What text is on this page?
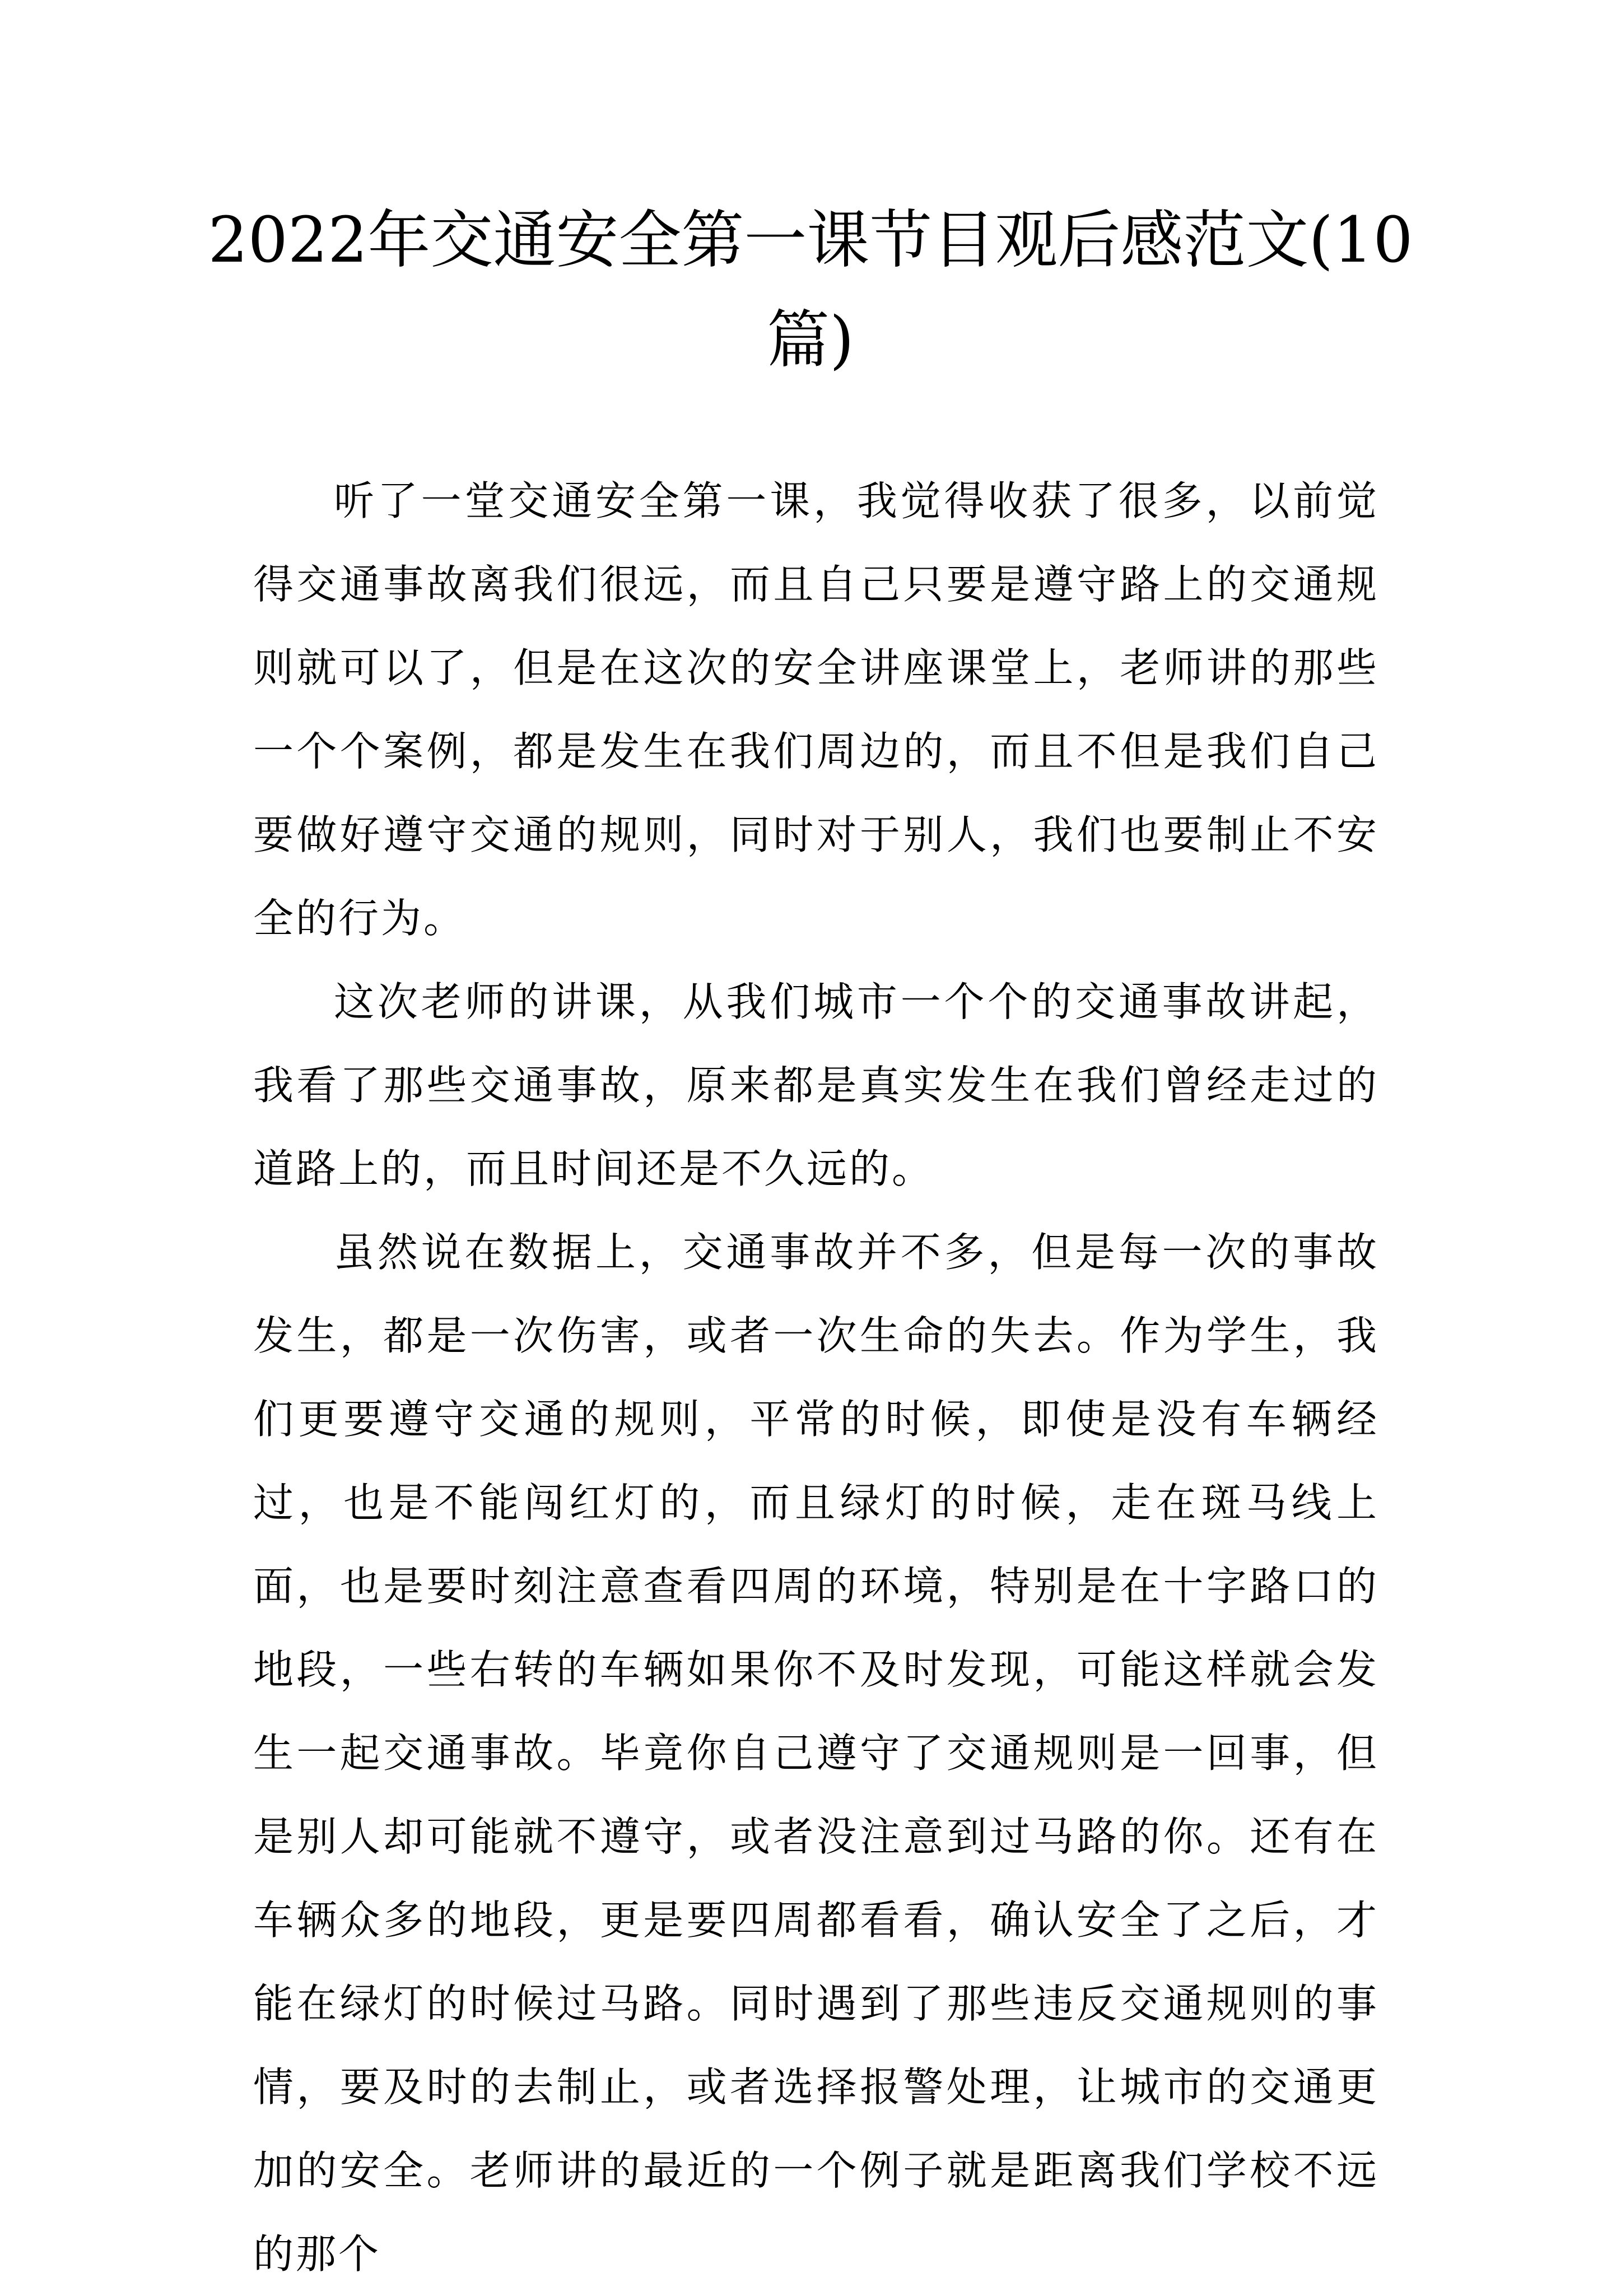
2022年交通安全第一课节目观后感范文(10篇)

听了一堂交通安全第一课，我觉得收获了很多，以前觉得交通事故离我们很远，而且自己只要是遵守路上的交通规则就可以了，但是在这次的安全讲座课堂上，老师讲的那些一个个案例，都是发生在我们周边的，而且不但是我们自己要做好遵守交通的规则，同时对于别人，我们也要制止不安全的行为。

这次老师的讲课，从我们城市一个个的交通事故讲起，我看了那些交通事故，原来都是真实发生在我们曾经走过的道路上的，而且时间还是不久远的。

虽然说在数据上，交通事故并不多，但是每一次的事故发生，都是一次伤害，或者一次生命的失去。作为学生，我们更要遵守交通的规则，平常的时候，即使是没有车辆经过，也是不能闯红灯的，而且绿灯的时候，走在斑马线上面，也是要时刻注意查看四周的环境，特别是在十字路口的地段，一些右转的车辆如果你不及时发现，可能这样就会发生一起交通事故。毕竟你自己遵守了交通规则是一回事，但是别人却可能就不遵守，或者没注意到过马路的你。还有在车辆众多的地段，更是要四周都看看，确认安全了之后，才能在绿灯的时候过马路。同时遇到了那些违反交通规则的事情，要及时的去制止，或者选择报警处理，让城市的交通更加的安全。老师讲的最近的一个例子就是距离我们学校不远的那个
